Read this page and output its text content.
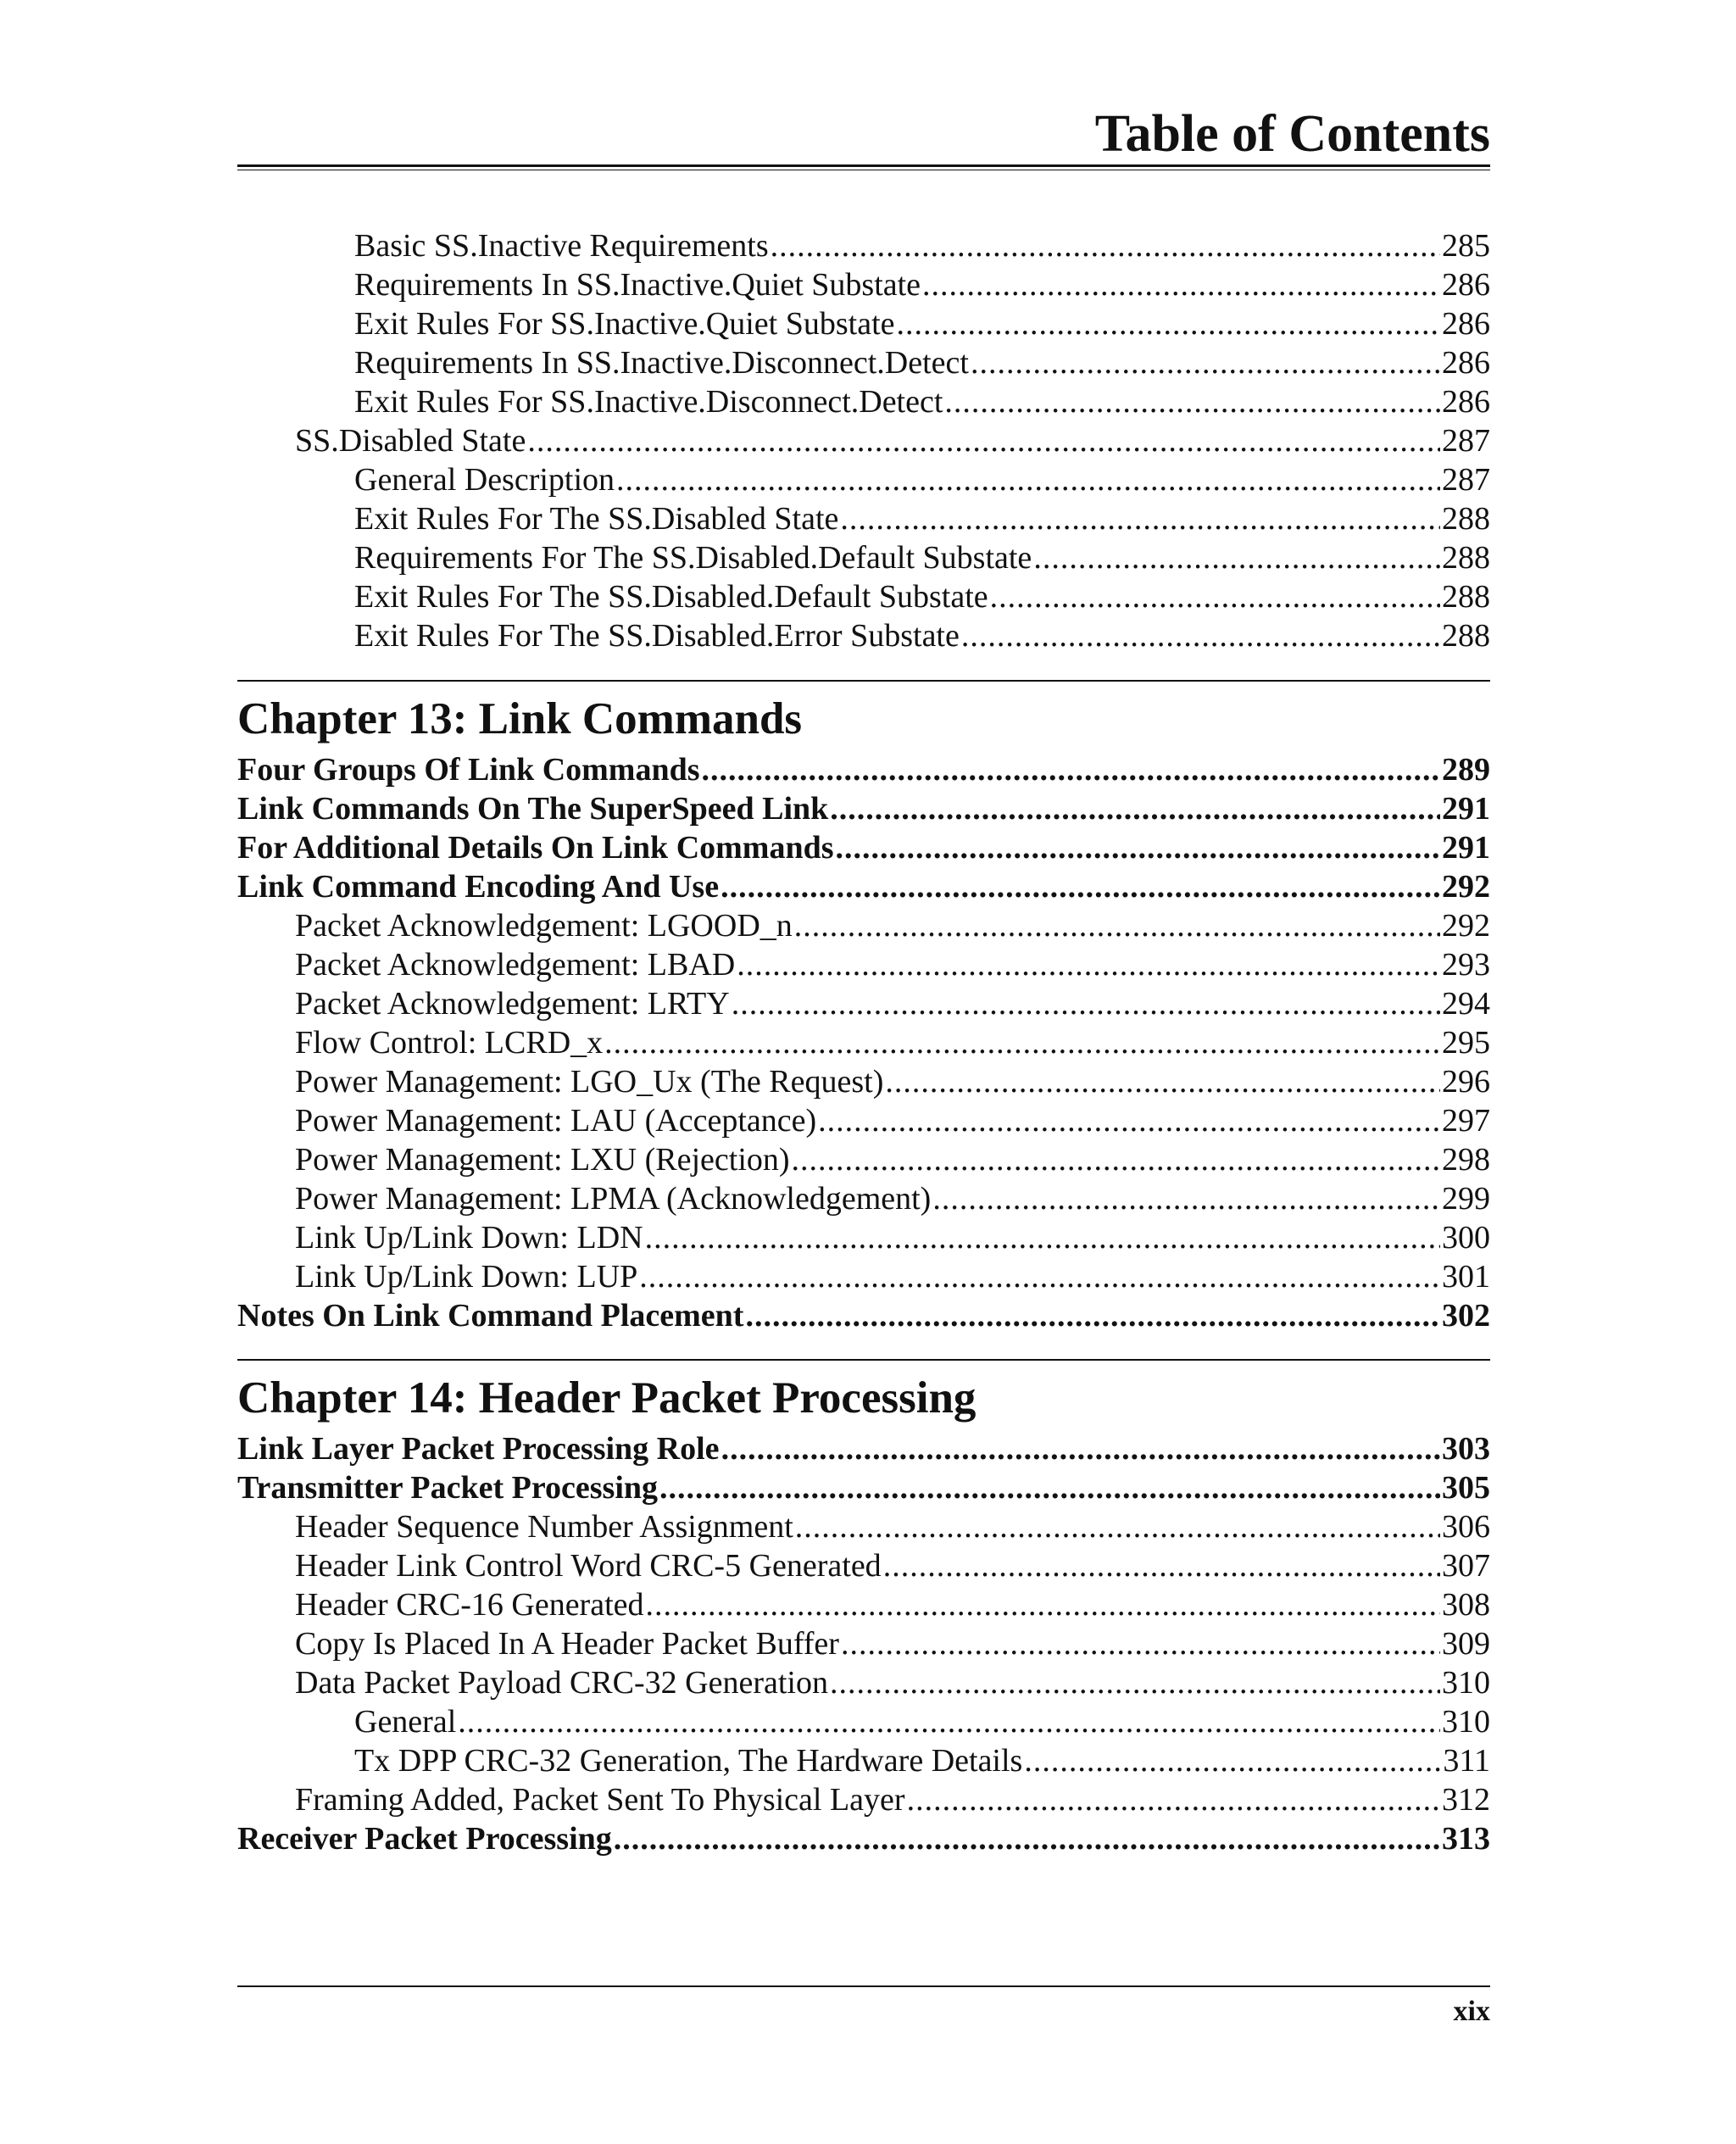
Table of Contents
Basic SS.Inactive Requirements .....	285
Requirements In SS.Inactive.Quiet Substate .....	286
Exit Rules For SS.Inactive.Quiet Substate .....	286
Requirements In SS.Inactive.Disconnect.Detect .....	286
Exit Rules For SS.Inactive.Disconnect.Detect .....	286
SS.Disabled State .....	287
General Description .....	287
Exit Rules For The SS.Disabled State .....	288
Requirements For The SS.Disabled.Default Substate .....	288
Exit Rules For The SS.Disabled.Default Substate .....	288
Exit Rules For The SS.Disabled.Error Substate .....	288
Chapter 13: Link Commands
Four Groups Of Link Commands .....	289
Link Commands On The SuperSpeed Link .....	291
For Additional Details On Link Commands .....	291
Link Command Encoding And Use .....	292
Packet Acknowledgement: LGOOD_n .....	292
Packet Acknowledgement: LBAD .....	293
Packet Acknowledgement: LRTY .....	294
Flow Control: LCRD_x .....	295
Power Management: LGO_Ux (The Request) .....	296
Power Management: LAU (Acceptance) .....	297
Power Management: LXU (Rejection) .....	298
Power Management: LPMA (Acknowledgement) .....	299
Link Up/Link Down: LDN .....	300
Link Up/Link Down: LUP .....	301
Notes On Link Command Placement .....	302
Chapter 14: Header Packet Processing
Link Layer Packet Processing Role .....	303
Transmitter Packet Processing .....	305
Header Sequence Number Assignment .....	306
Header Link Control Word CRC-5 Generated .....	307
Header CRC-16 Generated .....	308
Copy Is Placed In A Header Packet Buffer .....	309
Data Packet Payload CRC-32 Generation .....	310
General .....	310
Tx DPP CRC-32 Generation, The Hardware Details .....	311
Framing Added, Packet Sent To Physical Layer .....	312
Receiver Packet Processing .....	313
xix
